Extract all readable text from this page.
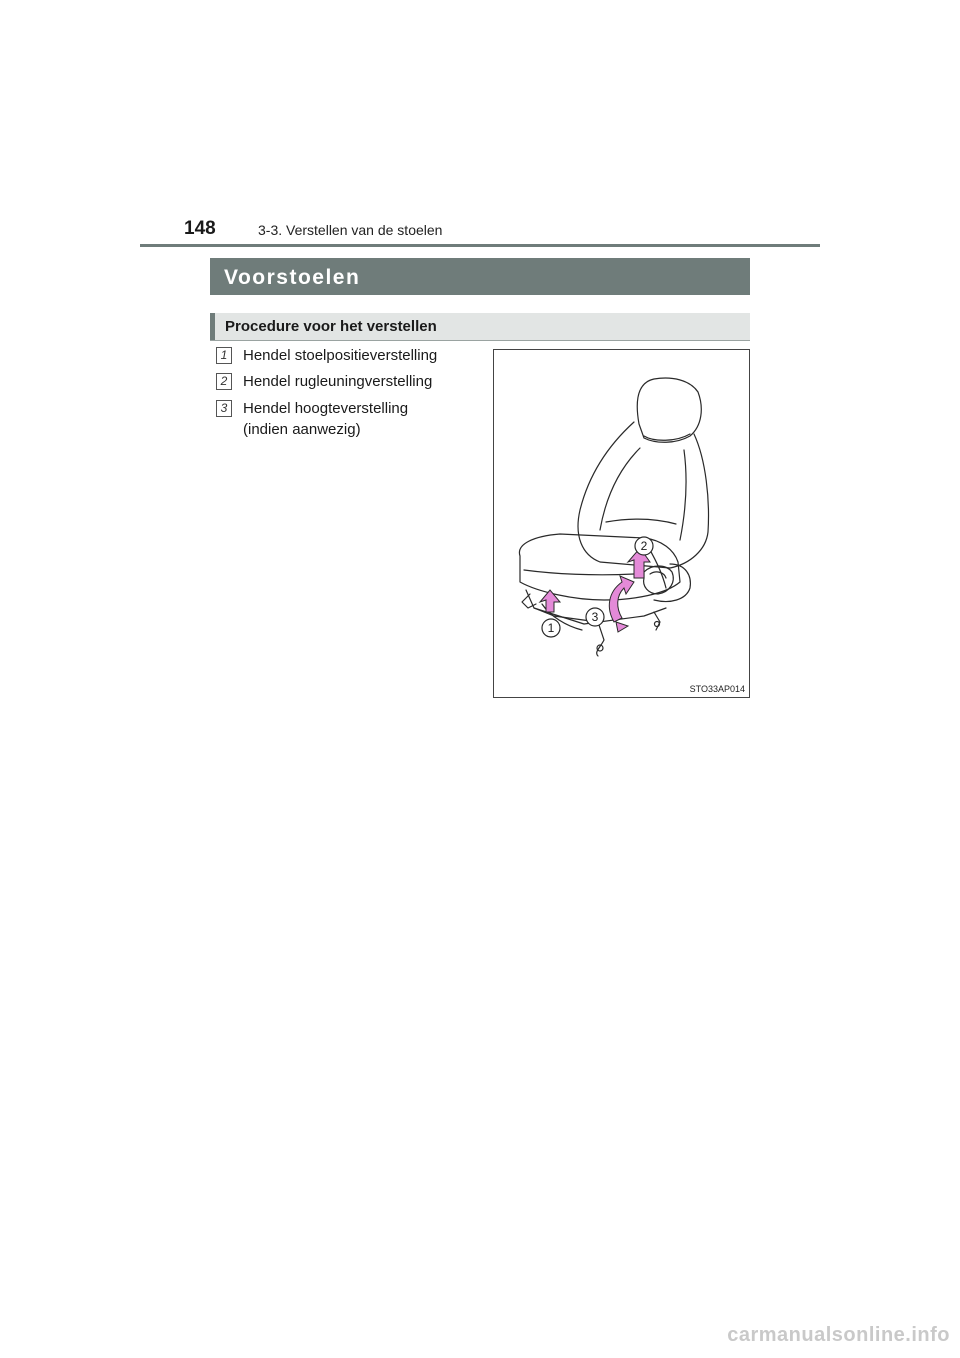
148	3-3. Verstellen van de stoelen
Voorstoelen
Procedure voor het verstellen
1	Hendel stoelpositieverstelling
2	Hendel rugleuningverstelling
3	Hendel hoogteverstelling
(indien aanwezig)
1
3
2
STO33AP014
carmanualsonline.info
